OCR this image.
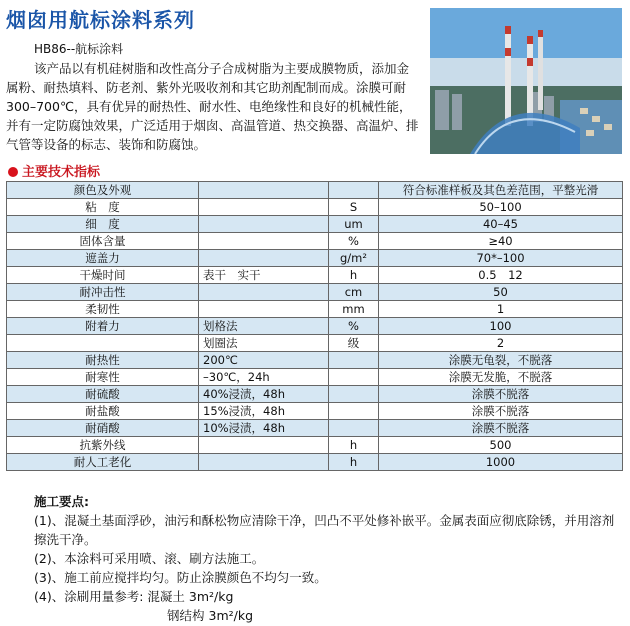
烟囱用航标涂料系列
HB86--航标涂料
该产品以有机硅树脂和改性高分子合成树脂为主要成膜物质，添加金属粉、耐热填料、防老剂、紫外光吸收剂和其它助剂配制而成。涂膜可耐300–700℃，具有优异的耐热性、耐水性、电绝缘性和良好的机械性能，并有一定防腐蚀效果，广泛适用于烟囱、高温管道、热交换器、高温炉、排气管等设备的标志、装饰和防腐蚀。
主要技术指标
颜色及外观			符合标准样板及其色差范围，平整光滑
粘　度		S	50–100
细　度		um	40–45
固体含量		%	≥40
遮盖力		g/m²	70*–100
干燥时间	表干　实干	h	0.5　12
耐冲击性		cm	50
柔韧性		mm	1
附着力	划格法	%	100
	划圈法	级	2
耐热性	200℃		涂膜无龟裂，不脱落
耐寒性	–30℃，24h		涂膜无发脆，不脱落
耐硫酸	40%浸渍，48h		涂膜不脱落
耐盐酸	15%浸渍，48h		涂膜不脱落
耐硝酸	10%浸渍，48h		涂膜不脱落
抗紫外线		h	500
耐人工老化		h	1000
施工要点:
(1)、混凝土基面浮砂，油污和酥松物应清除干净，凹凸不平处修补嵌平。金属表面应彻底除锈，并用溶剂擦洗干净。
(2)、本涂料可采用喷、滚、刷方法施工。
(3)、施工前应搅拌均匀。防止涂膜颜色不均匀一致。
(4)、涂刷用量参考: 混凝土 3m²/kg
钢结构 3m²/kg
